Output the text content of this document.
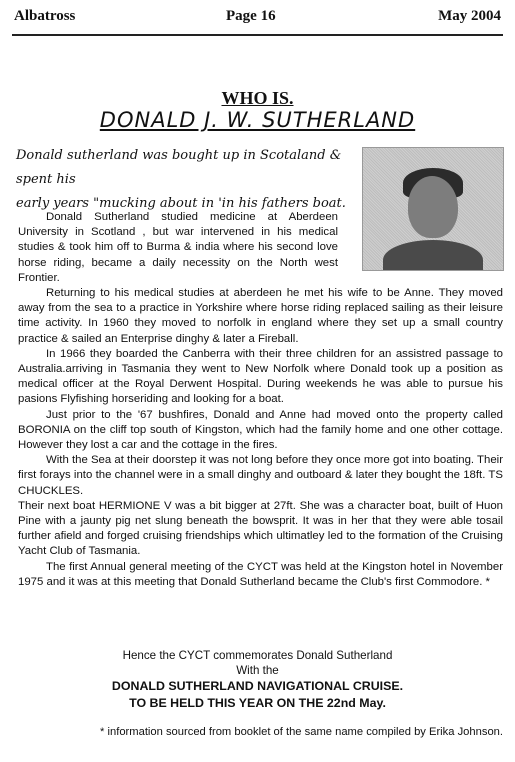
Albatross	Page 16	May 2004
WHO IS.
DONALD J. W. SUTHERLAND
Donald sutherland was bought up in Scotaland & spent his
early years "mucking about in 'in his fathers boat.

Donald Sutherland studied medicine at Aberdeen University in Scotland , but war intervened in his medical studies & took him off to Burma & india where his second love horse riding, became a daily necessity on the North west Frontier.

Returning to his medical studies at aberdeen he met his wife to be Anne. They moved away from the sea to a practice in Yorkshire where horse riding replaced sailing as their leisure time activity. In 1960 they moved to norfolk in england where they set up a small country practice & sailed an Enterprise dinghy & later a Fireball.

In 1966 they boarded the Canberra with their three children for an assistred passage to Australia.arriving in Tasmania they went to New Norfolk where Donald took up a position as medical officer at the Royal Derwent Hospital. During weekends he was able to pursue his pasions Flyfishing horseriding and looking for a boat.

Just prior to the '67 bushfires, Donald and Anne had moved onto the property called BORONIA on the cliff top south of Kingston, which had the family home and one other cottage. However they lost a car and the cottage in the fires.

With the Sea at their doorstep it was not long before they once more got into boating. Their first forays into the channel were in a small dinghy and outboard & later they bought the 18ft. TS CHUCKLES.

Their next boat HERMIONE V was a bit bigger at 27ft. She was a character boat, built of Huon Pine with a jaunty pig net slung beneath the bowsprit. It was in her that they were able tosail further afield and forged cruising friendships which ultimatley led to the formation of the Cruising Yacht Club of Tasmania.

The first Annual general meeting of the CYCT was held at the Kingston hotel in November 1975 and it was at this meeting that Donald Sutherland became the Club's first Commodore. *

Hence the CYCT commemorates Donald Sutherland
With the
DONALD SUTHERLAND NAVIGATIONAL CRUISE.
TO BE HELD THIS YEAR ON THE 22nd May.
* information sourced from booklet of the same name compiled by Erika Johnson.
